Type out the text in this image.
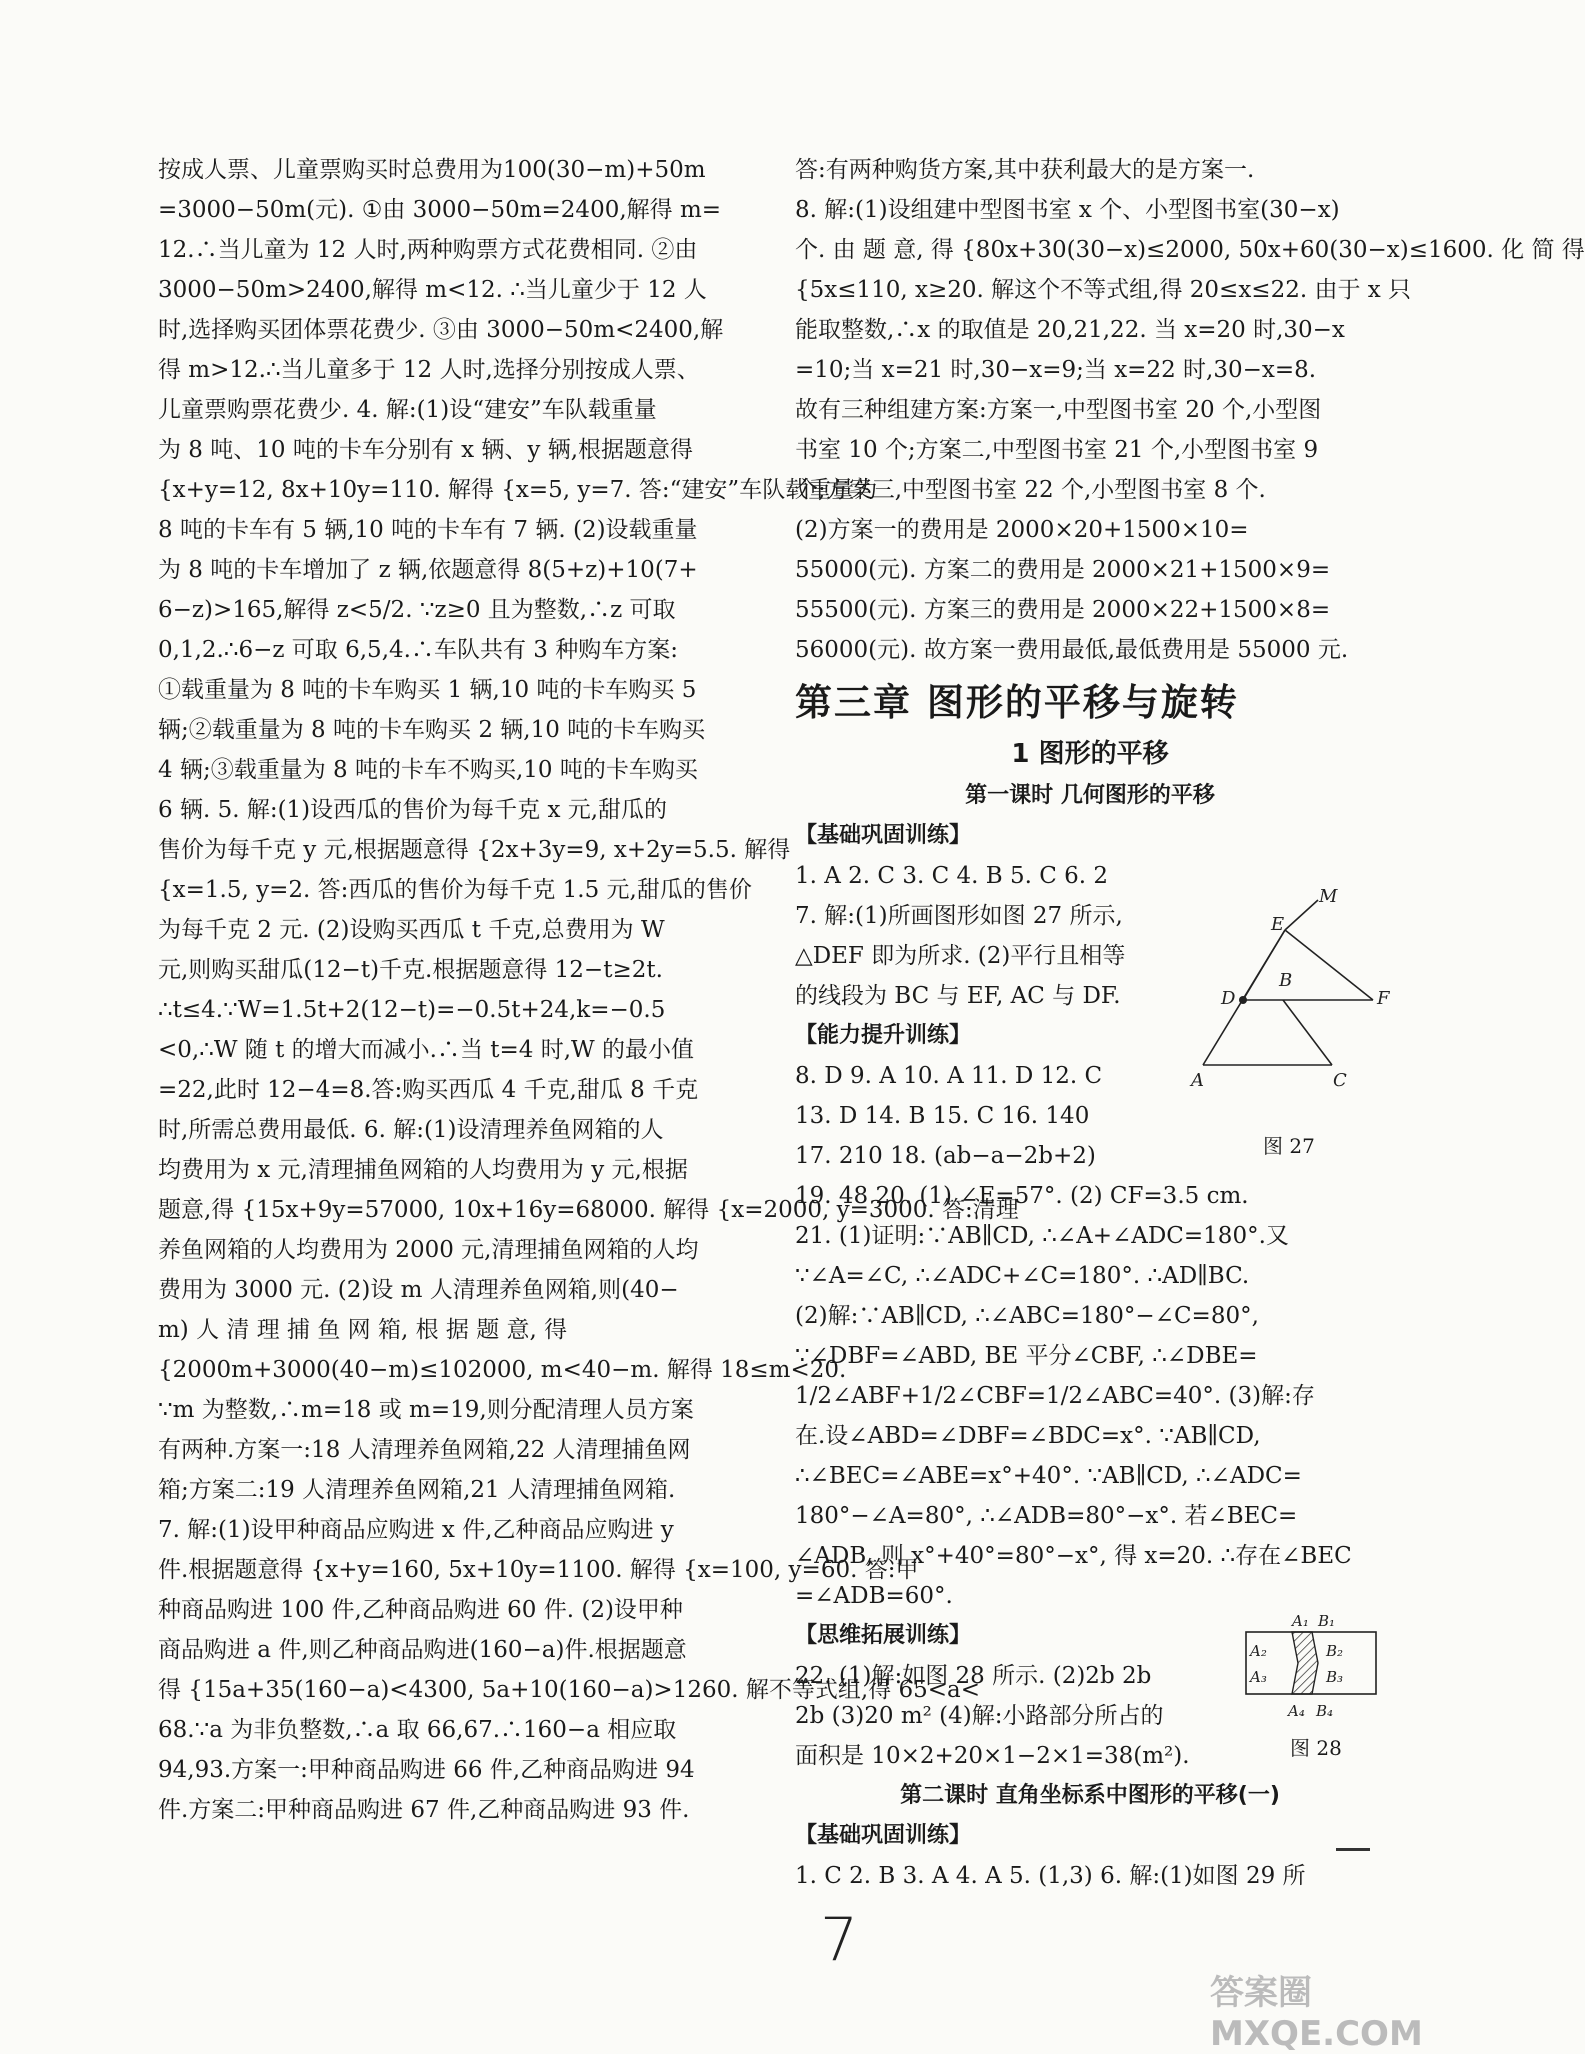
按成人票、儿童票购买时总费用为100(30−m)+50m
=3000−50m(元). ①由 3000−50m=2400,解得 m=
12.∴当儿童为 12 人时,两种购票方式花费相同. ②由
3000−50m>2400,解得 m<12. ∴当儿童少于 12 人
时,选择购买团体票花费少. ③由 3000−50m<2400,解
得 m>12.∴当儿童多于 12 人时,选择分别按成人票、
儿童票购票花费少. 4. 解:(1)设“建安”车队载重量
为 8 吨、10 吨的卡车分别有 x 辆、y 辆,根据题意得
{x+y=12, 8x+10y=110. 解得 {x=5, y=7. 答:“建安”车队载重量为
8 吨的卡车有 5 辆,10 吨的卡车有 7 辆. (2)设载重量
为 8 吨的卡车增加了 z 辆,依题意得 8(5+z)+10(7+
6−z)>165,解得 z<5/2. ∵z≥0 且为整数,∴z 可取
0,1,2.∴6−z 可取 6,5,4.∴车队共有 3 种购车方案:
①载重量为 8 吨的卡车购买 1 辆,10 吨的卡车购买 5
辆;②载重量为 8 吨的卡车购买 2 辆,10 吨的卡车购买
4 辆;③载重量为 8 吨的卡车不购买,10 吨的卡车购买
6 辆. 5. 解:(1)设西瓜的售价为每千克 x 元,甜瓜的
售价为每千克 y 元,根据题意得 {2x+3y=9, x+2y=5.5. 解得
{x=1.5, y=2. 答:西瓜的售价为每千克 1.5 元,甜瓜的售价
为每千克 2 元. (2)设购买西瓜 t 千克,总费用为 W
元,则购买甜瓜(12−t)千克.根据题意得 12−t≥2t.
∴t≤4.∵W=1.5t+2(12−t)=−0.5t+24,k=−0.5
<0,∴W 随 t 的增大而减小.∴当 t=4 时,W 的最小值
=22,此时 12−4=8.答:购买西瓜 4 千克,甜瓜 8 千克
时,所需总费用最低. 6. 解:(1)设清理养鱼网箱的人
均费用为 x 元,清理捕鱼网箱的人均费用为 y 元,根据
题意,得 {15x+9y=57000, 10x+16y=68000. 解得 {x=2000, y=3000. 答:清理
养鱼网箱的人均费用为 2000 元,清理捕鱼网箱的人均
费用为 3000 元. (2)设 m 人清理养鱼网箱,则(40−
m) 人 清 理 捕 鱼 网 箱, 根 据 题 意, 得
{2000m+3000(40−m)≤102000, m<40−m. 解得 18≤m<20.
∵m 为整数,∴m=18 或 m=19,则分配清理人员方案
有两种.方案一:18 人清理养鱼网箱,22 人清理捕鱼网
箱;方案二:19 人清理养鱼网箱,21 人清理捕鱼网箱.
7. 解:(1)设甲种商品应购进 x 件,乙种商品应购进 y
件.根据题意得 {x+y=160, 5x+10y=1100. 解得 {x=100, y=60. 答:甲
种商品购进 100 件,乙种商品购进 60 件. (2)设甲种
商品购进 a 件,则乙种商品购进(160−a)件.根据题意
得 {15a+35(160−a)<4300, 5a+10(160−a)>1260. 解不等式组,得 65<a<
68.∵a 为非负整数,∴a 取 66,67.∴160−a 相应取
94,93.方案一:甲种商品购进 66 件,乙种商品购进 94
件.方案二:甲种商品购进 67 件,乙种商品购进 93 件.
答:有两种购货方案,其中获利最大的是方案一.
8. 解:(1)设组建中型图书室 x 个、小型图书室(30−x)
个. 由 题 意, 得 {80x+30(30−x)≤2000, 50x+60(30−x)≤1600. 化 简 得
{5x≤110, x≥20. 解这个不等式组,得 20≤x≤22. 由于 x 只
能取整数,∴x 的取值是 20,21,22. 当 x=20 时,30−x
=10;当 x=21 时,30−x=9;当 x=22 时,30−x=8.
故有三种组建方案:方案一,中型图书室 20 个,小型图
书室 10 个;方案二,中型图书室 21 个,小型图书室 9
个;方案三,中型图书室 22 个,小型图书室 8 个.
(2)方案一的费用是 2000×20+1500×10=
55000(元). 方案二的费用是 2000×21+1500×9=
55500(元). 方案三的费用是 2000×22+1500×8=
56000(元). 故方案一费用最低,最低费用是 55000 元.
第三章 图形的平移与旋转
1 图形的平移
第一课时 几何图形的平移
【基础巩固训练】
1. A 2. C 3. C 4. B 5. C 6. 2
7. 解:(1)所画图形如图 27 所示,
△DEF 即为所求. (2)平行且相等
的线段为 BC 与 EF, AC 与 DF.
【能力提升训练】
8. D 9. A 10. A 11. D 12. C
13. D 14. B 15. C 16. 140
17. 210 18. (ab−a−2b+2)
19. 48 20. (1) ∠E=57°. (2) CF=3.5 cm.
21. (1)证明:∵AB∥CD, ∴∠A+∠ADC=180°.又
∵∠A=∠C, ∴∠ADC+∠C=180°. ∴AD∥BC.
(2)解:∵AB∥CD, ∴∠ABC=180°−∠C=80°,
∵∠DBF=∠ABD, BE 平分∠CBF, ∴∠DBE=
1/2∠ABF+1/2∠CBF=1/2∠ABC=40°. (3)解:存
在.设∠ABD=∠DBF=∠BDC=x°. ∵AB∥CD,
∴∠BEC=∠ABE=x°+40°. ∵AB∥CD, ∴∠ADC=
180°−∠A=80°, ∴∠ADB=80°−x°. 若∠BEC=
∠ADB, 则 x°+40°=80°−x°, 得 x=20. ∴存在∠BEC
=∠ADB=60°.
【思维拓展训练】
22. (1)解:如图 28 所示. (2)2b 2b
2b (3)20 m² (4)解:小路部分所占的
面积是 10×2+20×1−2×1=38(m²).
第二课时 直角坐标系中图形的平移(一)
【基础巩固训练】
1. C 2. B 3. A 4. A 5. (1,3) 6. 解:(1)如图 29 所
M
E
B
D	F
A	C
图 27
A₁ B₁
A₂	B₂
A₃	B₃
A₄ B₄
图 28
7
答案圈 MXQE.COM
